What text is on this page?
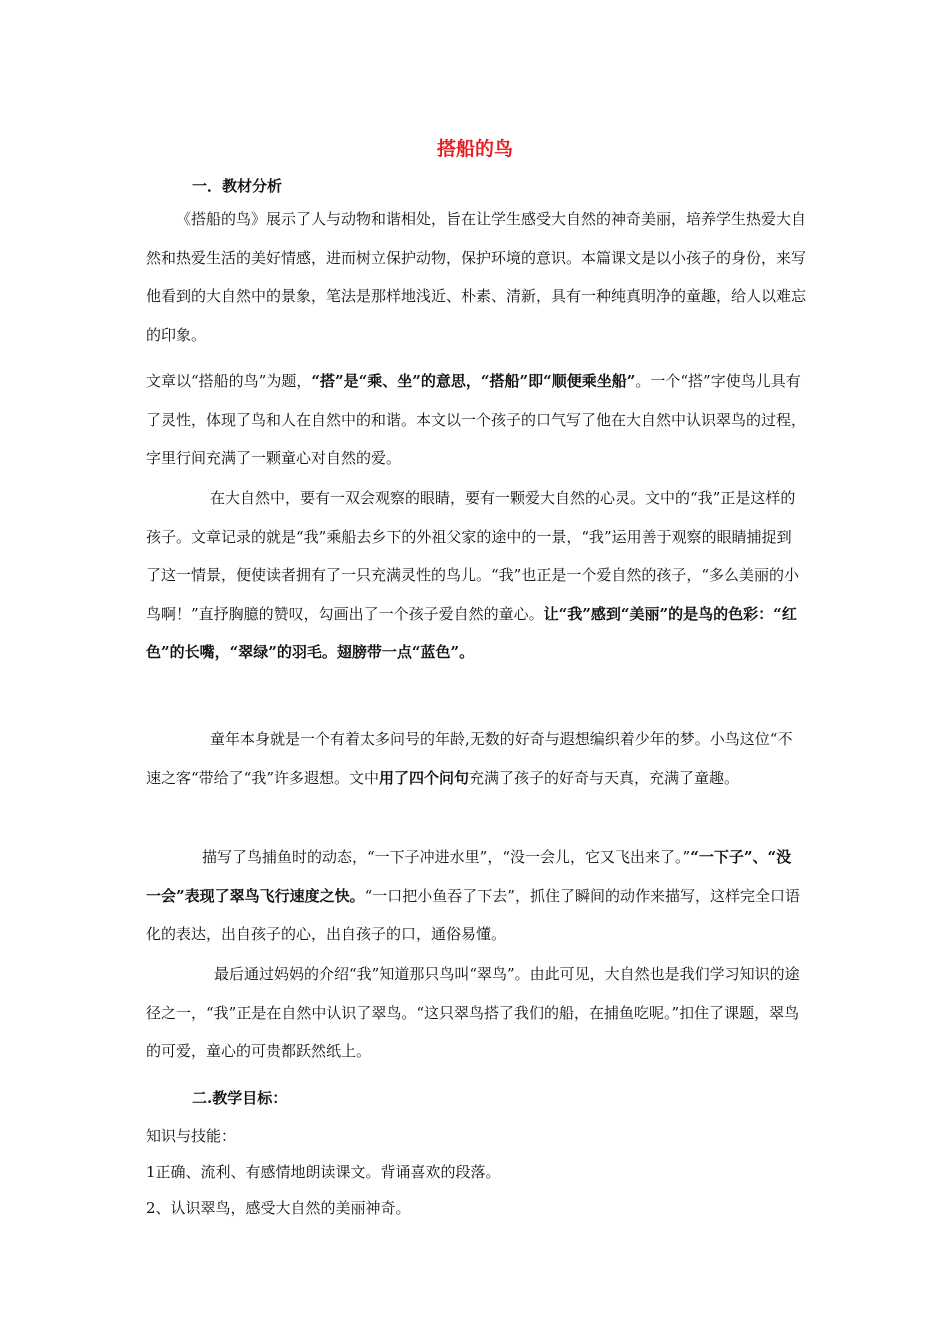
搭船的鸟
一．教材分析
《搭船的鸟》展示了人与动物和谐相处，旨在让学生感受大自然的神奇美丽，培养学生热爱大自然和热爱生活的美好情感，进而树立保护动物，保护环境的意识。本篇课文是以小孩子的身份，来写他看到的大自然中的景象，笔法是那样地浅近、朴素、清新，具有一种纯真明净的童趣，给人以难忘的印象。
文章以“搭船的鸟”为题，“搭”是“乘、坐”的意思，“搭船”即“顺便乘坐船”。一个“搭”字使鸟儿具有了灵性，体现了鸟和人在自然中的和谐。本文以一个孩子的口气写了他在大自然中认识翠鸟的过程，字里行间充满了一颗童心对自然的爱。
在大自然中，要有一双会观察的眼睛，要有一颗爱大自然的心灵。文中的“我”正是这样的孩子。文章记录的就是“我”乘船去乡下的外祖父家的途中的一景，“我”运用善于观察的眼睛捕捉到了这一情景，便使读者拥有了一只充满灵性的鸟儿。“我”也正是一个爱自然的孩子，“多么美丽的小鸟啊！”直抒胸臆的赞叹，勾画出了一个孩子爱自然的童心。让“我”感到“美丽”的是鸟的色彩：“红色”的长嘴，“翠绿”的羽毛。翅膀带一点“蓝色”。
童年本身就是一个有着太多问号的年龄,无数的好奇与遐想编织着少年的梦。小鸟这位“不速之客“带给了“我”许多遐想。文中用了四个问句充满了孩子的好奇与天真，充满了童趣。
描写了鸟捕鱼时的动态，“一下子冲进水里”，“没一会儿，它又飞出来了。”“一下子”、“没一会”表现了翠鸟飞行速度之快。“一口把小鱼吞了下去”，抓住了瞬间的动作来描写，这样完全口语化的表达，出自孩子的心，出自孩子的口，通俗易懂。
最后通过妈妈的介绍“我”知道那只鸟叫“翠鸟”。由此可见，大自然也是我们学习知识的途径之一，“我”正是在自然中认识了翠鸟。“这只翠鸟搭了我们的船，在捕鱼吃呢。”扣住了课题，翠鸟的可爱，童心的可贵都跃然纸上。
二.教学目标：
知识与技能：
1正确、流利、有感情地朗读课文。背诵喜欢的段落。
2、认识翠鸟，感受大自然的美丽神奇。
